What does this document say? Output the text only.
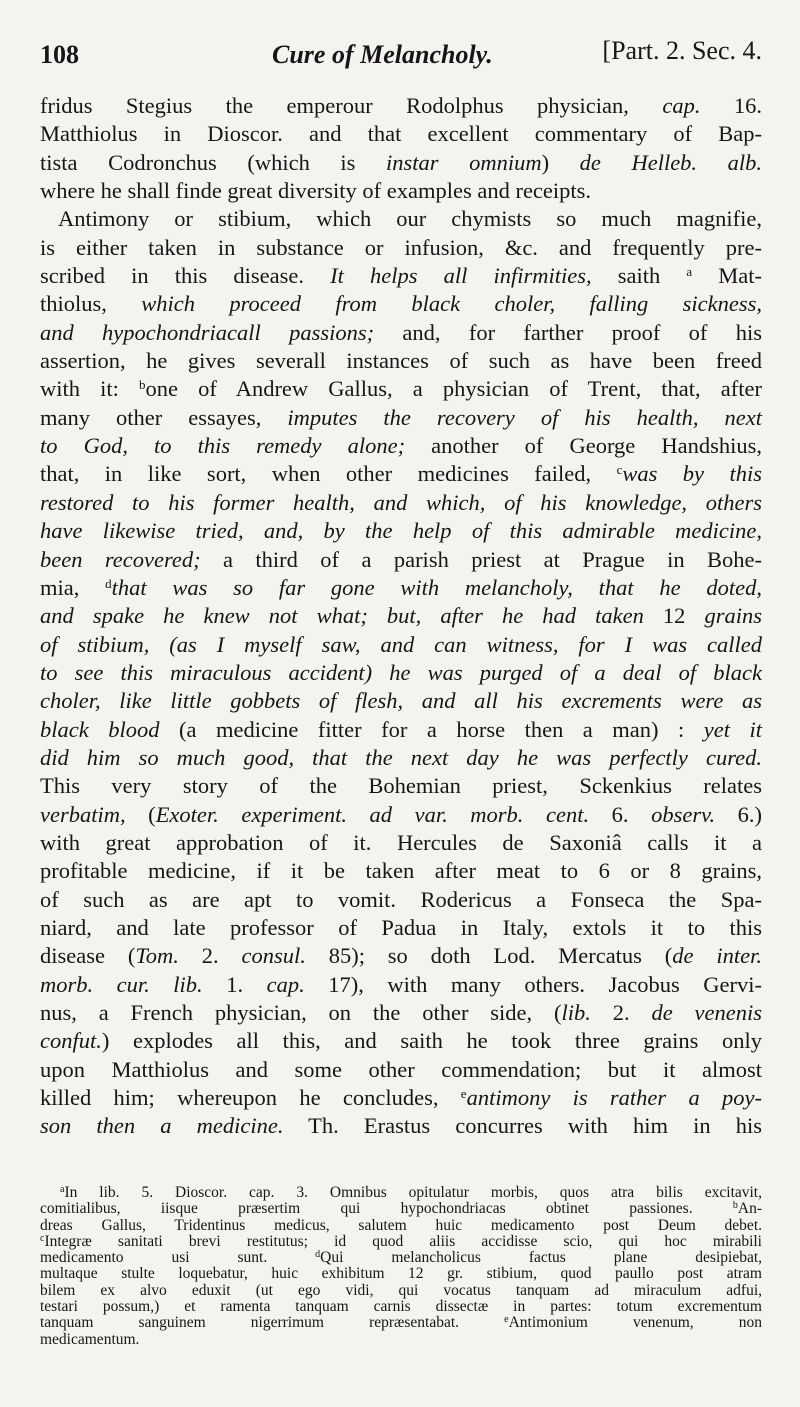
108	Cure of Melancholy.	[Part. 2. Sec. 4.
fridus Stegius the emperour Rodolphus physician, cap. 16.
Matthiolus in Dioscor. and that excellent commentary of Bap-
tista Codronchus (which is instar omnium) de Helleb. alb.
where he shall finde great diversity of examples and receipts.
Antimony or stibium, which our chymists so much magnifie,
is either taken in substance or infusion, &c. and frequently pre-
scribed in this disease. It helps all infirmities, saith $^a$ Mat-
thiolus, which proceed from black choler, falling sickness,
and hypochondriacall passions; and, for farther proof of his
assertion, he gives severall instances of such as have been freed
with it: $^b$one of Andrew Gallus, a physician of Trent, that, after
many other essayes, imputes the recovery of his health, next
to God, to this remedy alone; another of George Handshius,
that, in like sort, when other medicines failed, $^c$was by this
restored to his former health, and which, of his knowledge, others
have likewise tried, and, by the help of this admirable medicine,
been recovered; a third of a parish priest at Prague in Bohe-
mia, $^d$that was so far gone with melancholy, that he doted,
and spake he knew not what; but, after he had taken 12 grains
of stibium, (as I myself saw, and can witness, for I was called
to see this miraculous accident) he was purged of a deal of black
choler, like little gobbets of flesh, and all his excrements were as
black blood (a medicine fitter for a horse then a man) : yet it
did him so much good, that the next day he was perfectly cured.
This very story of the Bohemian priest, Sckenkius relates
verbatim, (Exoter. experiment. ad var. morb. cent. 6. observ. 6.)
with great approbation of it. Hercules de Saxoniâ calls it a
profitable medicine, if it be taken after meat to 6 or 8 grains,
of such as are apt to vomit. Rodericus a Fonseca the Spa-
niard, and late professor of Padua in Italy, extols it to this
disease (Tom. 2. consul. 85); so doth Lod. Mercatus (de inter.
morb. cur. lib. 1. cap. 17), with many others. Jacobus Gervi-
nus, a French physician, on the other side, (lib. 2. de venenis
confut.) explodes all this, and saith he took three grains only
upon Matthiolus and some other commendation; but it almost
killed him; whereupon he concludes, $^e$antimony is rather a poy-
son then a medicine. Th. Erastus concurres with him in his
$^a$In lib. 5. Dioscor. cap. 3. Omnibus opitulatur morbis, quos atra bilis excitavit,
comitialibus, iisque præsertim qui hypochondriacas obtinet passiones.	$^b$An-
dreas Gallus, Tridentinus medicus, salutem huic medicamento post Deum debet.
$^c$Integræ sanitati brevi restitutus; id quod aliis accidisse scio, qui hoc mirabili
medicamento usi sunt.	$^d$Qui melancholicus factus plane desipiebat,
multaque stulte loquebatur, huic exhibitum 12 gr. stibium, quod paullo post atram
bilem ex alvo eduxit (ut ego vidi, qui vocatus tanquam ad miraculum adfui,
testari possum,) et ramenta tanquam carnis dissectæ in partes: totum excrementum
tanquam sanguinem nigerrimum repræsentabat.	$^e$Antimonium venenum, non
medicamentum.
